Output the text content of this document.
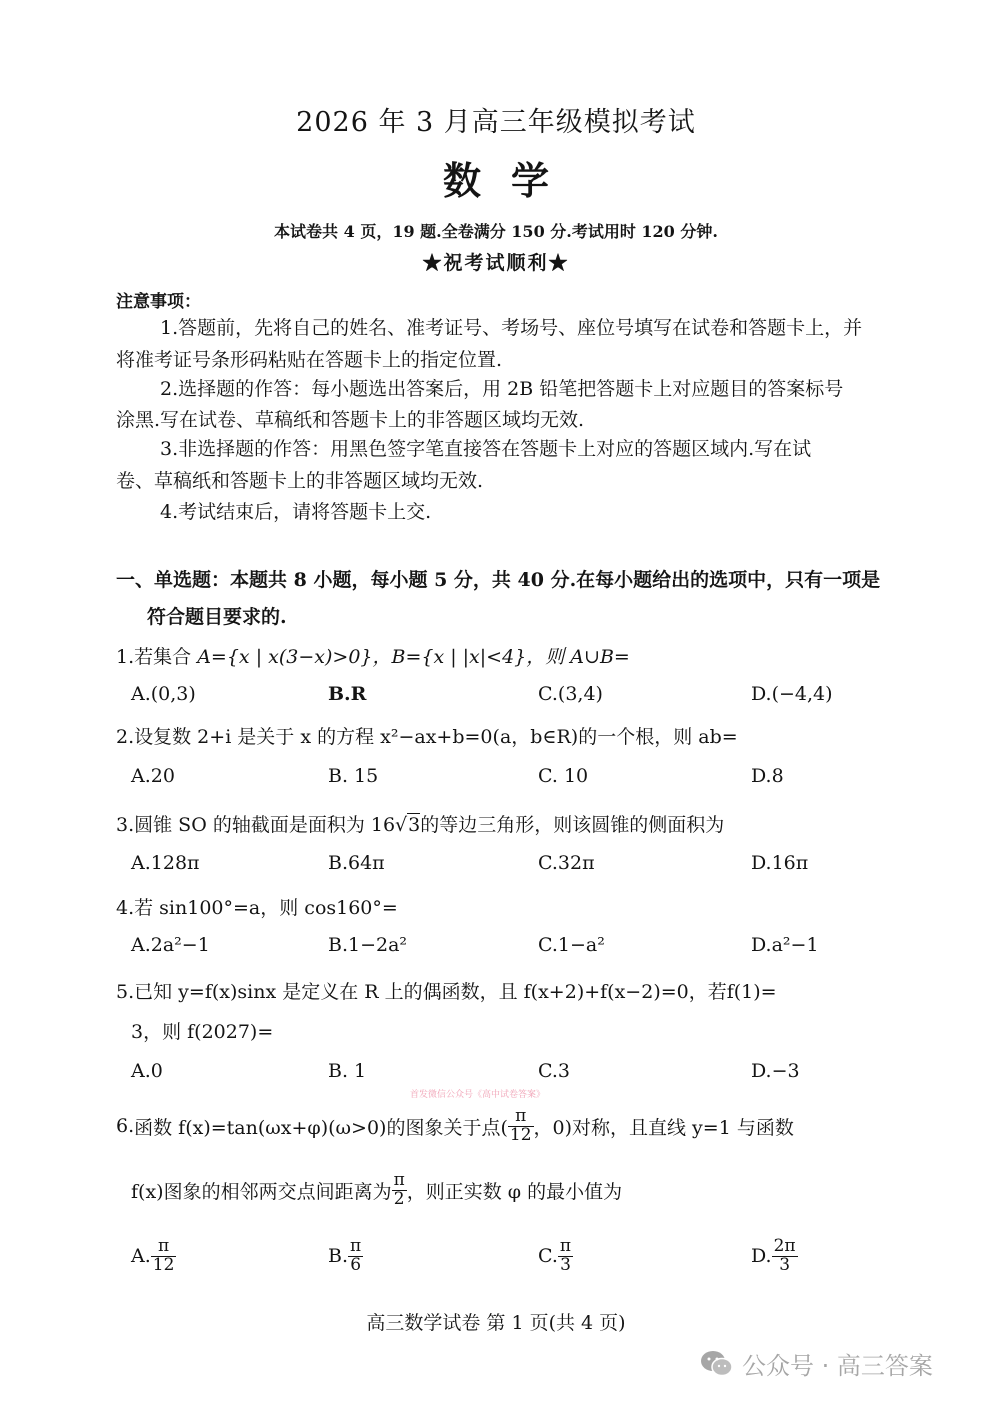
2026 年 3 月高三年级模拟考试
数学
本试卷共 4 页，19 题.全卷满分 150 分.考试用时 120 分钟.
★祝考试顺利★
注意事项：
1.答题前，先将自己的姓名、准考证号、考场号、座位号填写在试卷和答题卡上，并
将准考证号条形码粘贴在答题卡上的指定位置.
2.选择题的作答：每小题选出答案后，用 2B 铅笔把答题卡上对应题目的答案标号
涂黑.写在试卷、草稿纸和答题卡上的非答题区域均无效.
3.非选择题的作答：用黑色签字笔直接答在答题卡上对应的答题区域内.写在试
卷、草稿纸和答题卡上的非答题区域均无效.
4.考试结束后，请将答题卡上交.
一、单选题：本题共 8 小题，每小题 5 分，共 40 分.在每小题给出的选项中，只有一项是
符合题目要求的.
1.若集合 A={x | x(3−x)>0}，B={x | |x|<4}，则 A∪B=
A.(0,3)	B.R	C.(3,4)	D.(−4,4)
2.设复数 2+i 是关于 x 的方程 x²−ax+b=0(a，b∈R)的一个根，则 ab=
A.20	B. 15	C. 10	D.8
3.圆锥 SO 的轴截面是面积为 16√3的等边三角形，则该圆锥的侧面积为
A.128π	B.64π	C.32π	D.16π
4.若 sin100°=a，则 cos160°=
A.2a²−1	B.1−2a²	C.1−a²	D.a²−1
5.已知 y=f(x)sinx 是定义在 R 上的偶函数，且 f(x+2)+f(x−2)=0，若f(1)=
3，则 f(2027)=
A.0	B. 1	C.3	D.−3
首发微信公众号《高中试卷答案》
6. 函数 f(x)=tan(ωx+φ)(ω>0)的图象关于点( $\frac{\pi}{12}$ ，0)对称，且直线 y=1 与函数
f(x)图象的相邻两交点间距离为 $\frac{\pi}{2}$ ，则正实数 φ 的最小值为
A. $\frac{\pi}{12}$	B. $\frac{\pi}{6}$	C. $\frac{\pi}{3}$	D. $\frac{2\pi}{3}$
高三数学试卷 第 1 页(共 4 页)
公众号 · 高三答案
